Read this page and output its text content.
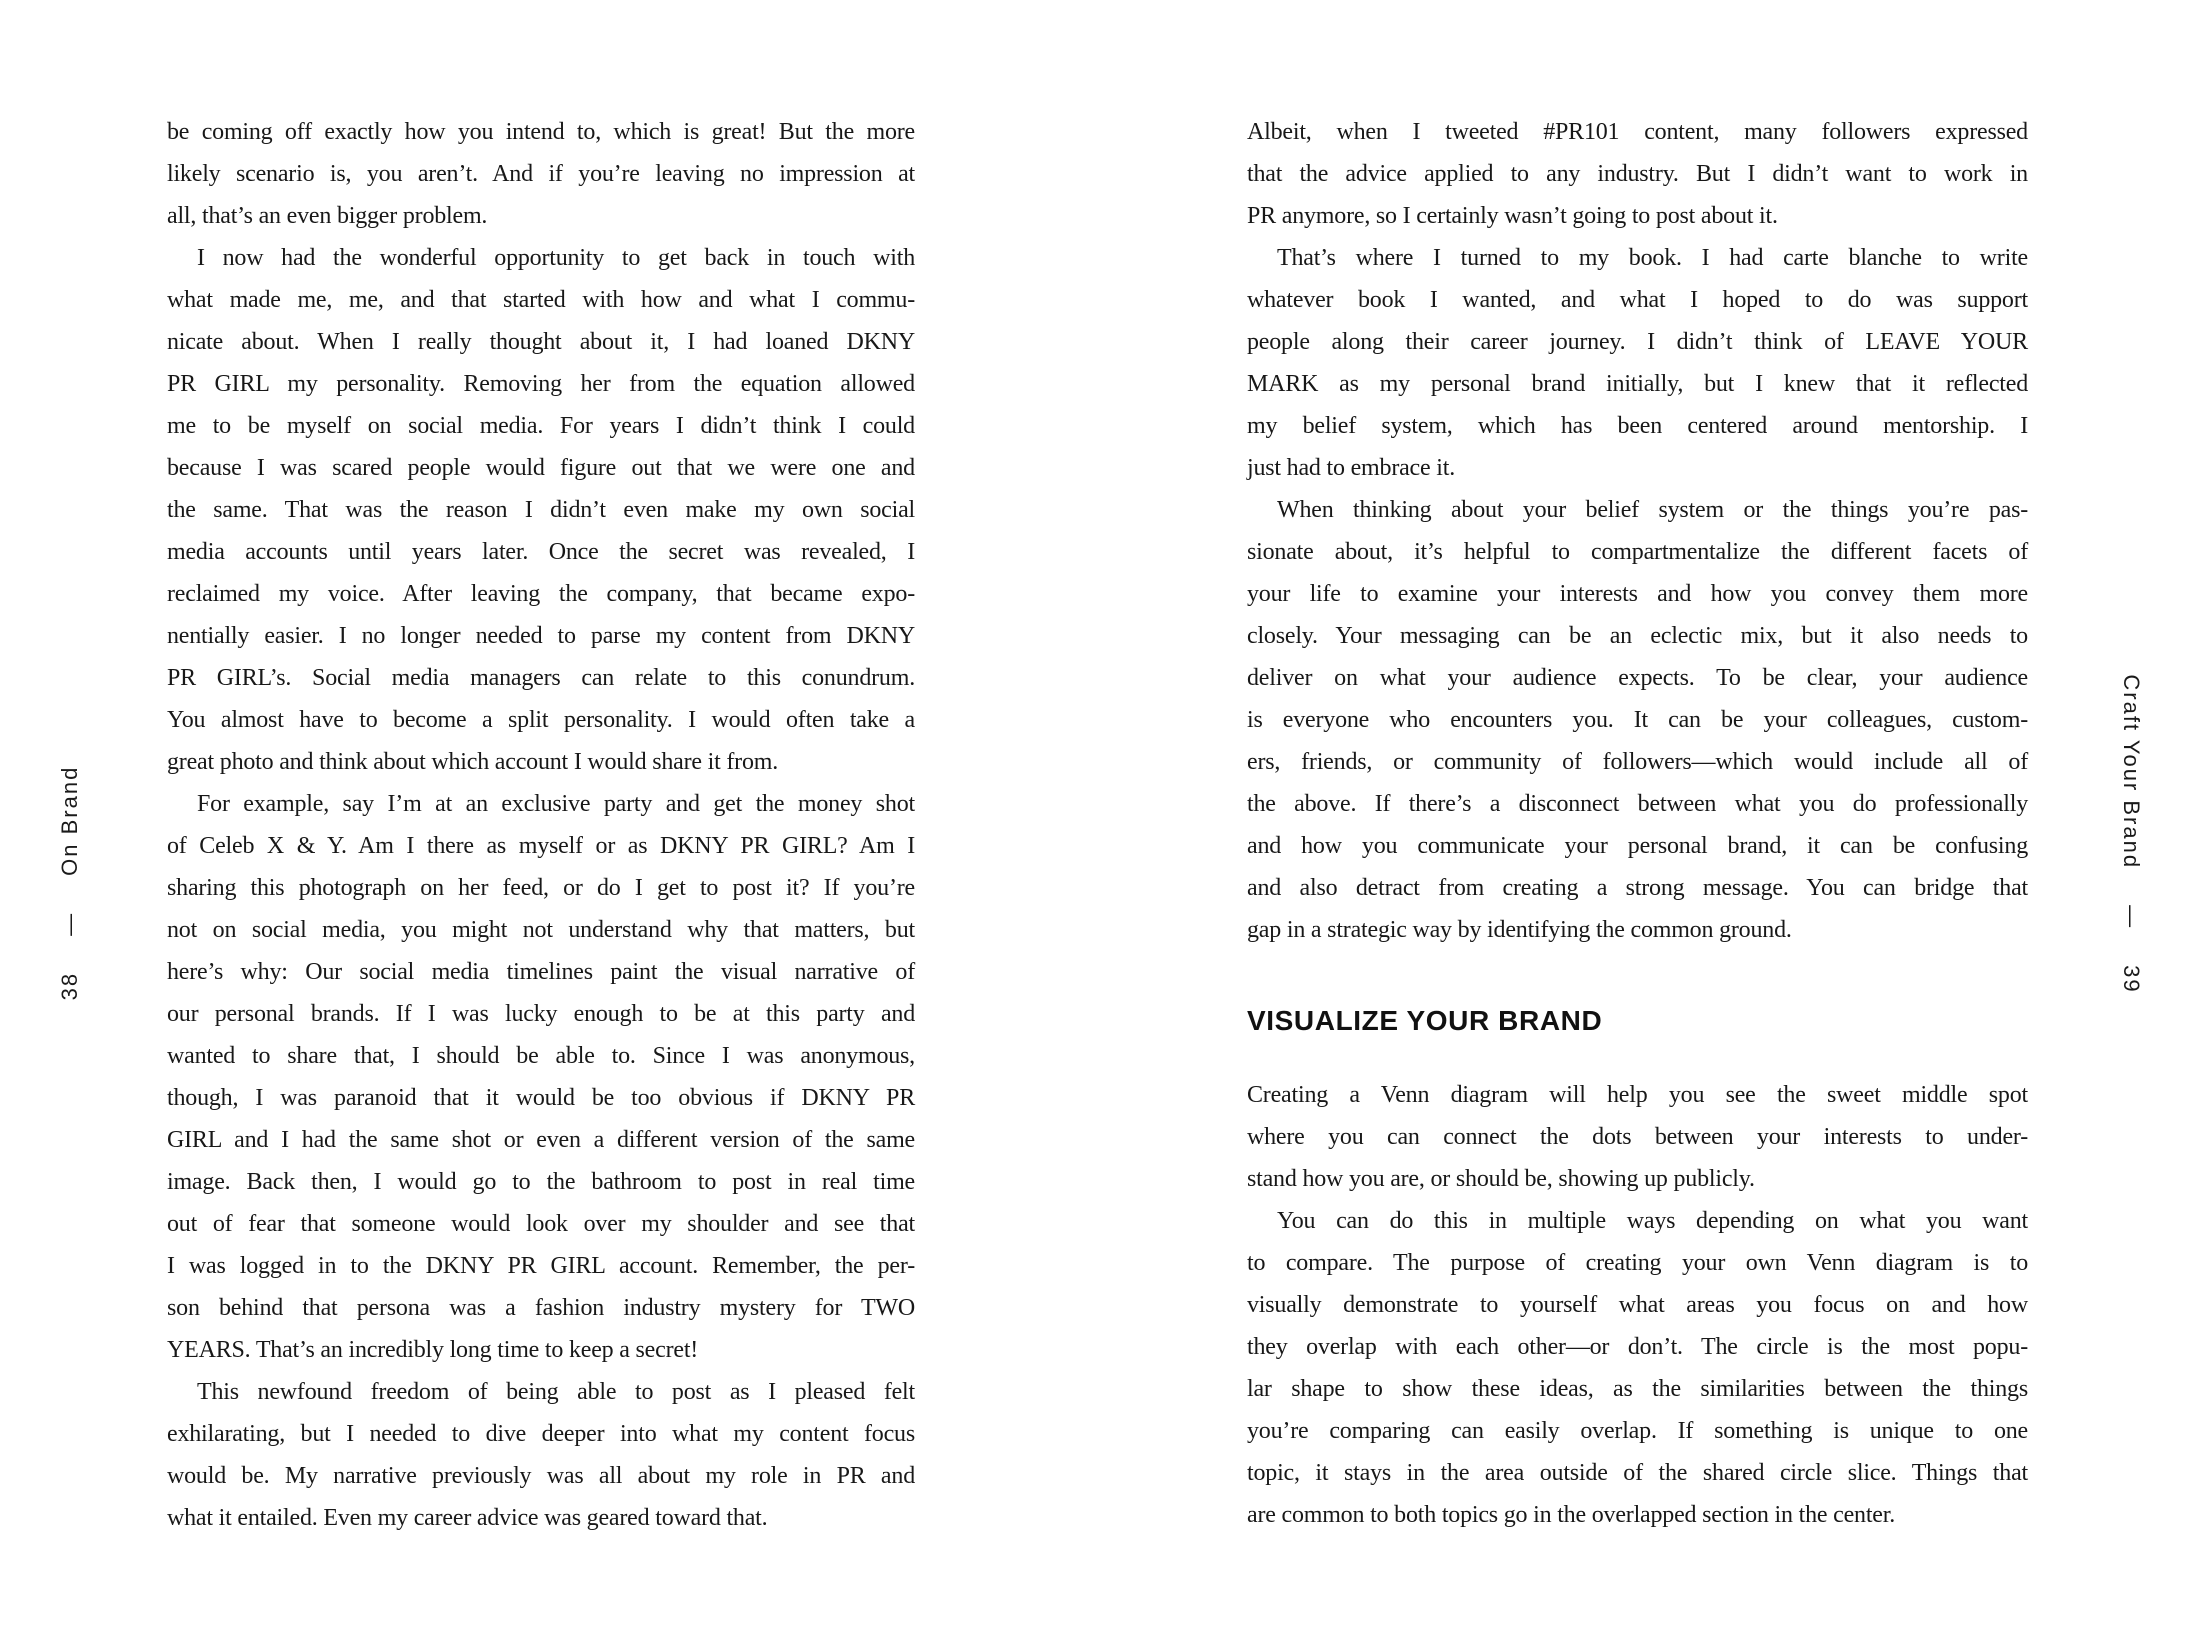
be coming off exactly how you intend to, which is great! But the more
likely scenario is, you aren’t. And if you’re leaving no impression at
all, that’s an even bigger problem.
I now had the wonderful opportunity to get back in touch with
what made me, me, and that started with how and what I commu-
nicate about. When I really thought about it, I had loaned DKNY
PR GIRL my personality. Removing her from the equation allowed
me to be myself on social media. For years I didn’t think I could
because I was scared people would figure out that we were one and
the same. That was the reason I didn’t even make my own social
media accounts until years later. Once the secret was revealed, I
reclaimed my voice. After leaving the company, that became expo-
nentially easier. I no longer needed to parse my content from DKNY
PR GIRL’s. Social media managers can relate to this conundrum.
You almost have to become a split personality. I would often take a
great photo and think about which account I would share it from.
For example, say I’m at an exclusive party and get the money shot
of Celeb X & Y. Am I there as myself or as DKNY PR GIRL? Am I
sharing this photograph on her feed, or do I get to post it? If you’re
not on social media, you might not understand why that matters, but
here’s why: Our social media timelines paint the visual narrative of
our personal brands. If I was lucky enough to be at this party and
wanted to share that, I should be able to. Since I was anonymous,
though, I was paranoid that it would be too obvious if DKNY PR
GIRL and I had the same shot or even a different version of the same
image. Back then, I would go to the bathroom to post in real time
out of fear that someone would look over my shoulder and see that
I was logged in to the DKNY PR GIRL account. Remember, the per-
son behind that persona was a fashion industry mystery for TWO
YEARS. That’s an incredibly long time to keep a secret!
This newfound freedom of being able to post as I pleased felt
exhilarating, but I needed to dive deeper into what my content focus
would be. My narrative previously was all about my role in PR and
what it entailed. Even my career advice was geared toward that.
38
—
On Brand
Albeit, when I tweeted #PR101 content, many followers expressed
that the advice applied to any industry. But I didn’t want to work in
PR anymore, so I certainly wasn’t going to post about it.
That’s where I turned to my book. I had carte blanche to write
whatever book I wanted, and what I hoped to do was support
people along their career journey. I didn’t think of LEAVE YOUR
MARK as my personal brand initially, but I knew that it reflected
my belief system, which has been centered around mentorship. I
just had to embrace it.
When thinking about your belief system or the things you’re pas-
sionate about, it’s helpful to compartmentalize the different facets of
your life to examine your interests and how you convey them more
closely. Your messaging can be an eclectic mix, but it also needs to
deliver on what your audience expects. To be clear, your audience
is everyone who encounters you. It can be your colleagues, custom-
ers, friends, or community of followers—which would include all of
the above. If there’s a disconnect between what you do professionally
and how you communicate your personal brand, it can be confusing
and also detract from creating a strong message. You can bridge that
gap in a strategic way by identifying the common ground.
VISUALIZE YOUR BRAND
Creating a Venn diagram will help you see the sweet middle spot
where you can connect the dots between your interests to under-
stand how you are, or should be, showing up publicly.
You can do this in multiple ways depending on what you want
to compare. The purpose of creating your own Venn diagram is to
visually demonstrate to yourself what areas you focus on and how
they overlap with each other—or don’t. The circle is the most popu-
lar shape to show these ideas, as the similarities between the things
you’re comparing can easily overlap. If something is unique to one
topic, it stays in the area outside of the shared circle slice. Things that
are common to both topics go in the overlapped section in the center.
Craft Your Brand
—
39
